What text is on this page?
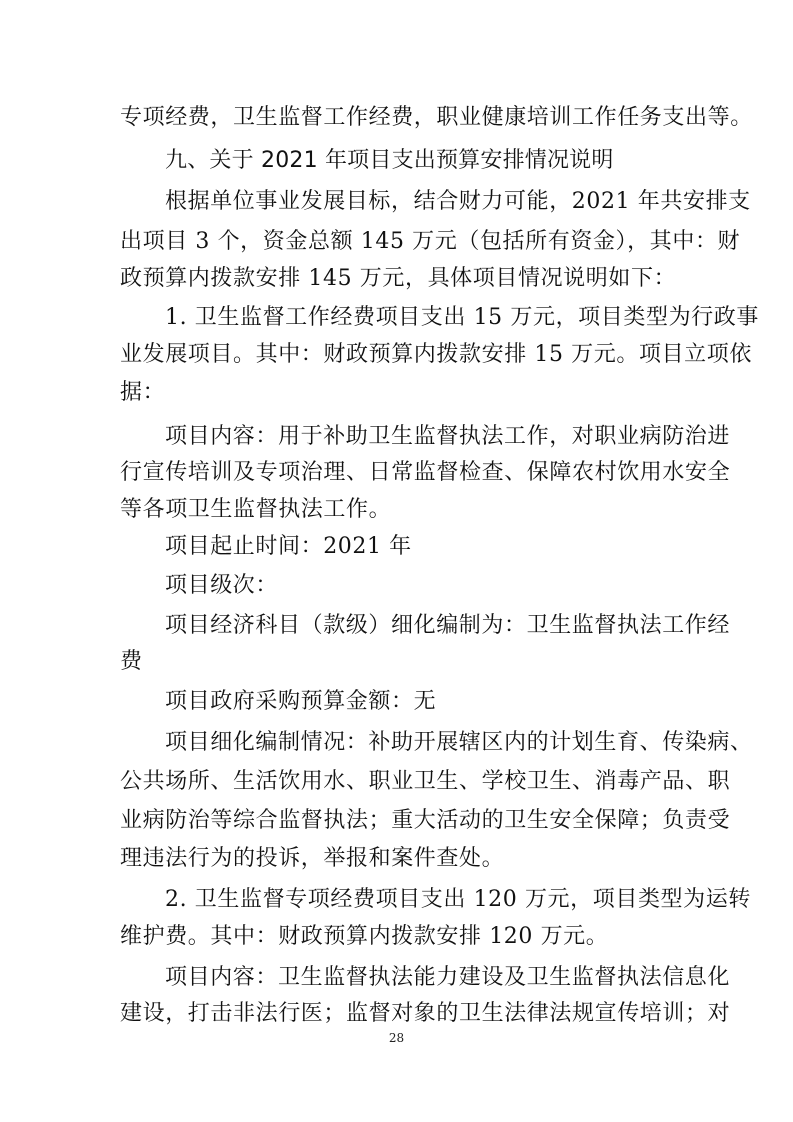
专项经费，卫生监督工作经费，职业健康培训工作任务支出等。
九、关于 2021 年项目支出预算安排情况说明
根据单位事业发展目标，结合财力可能，2021 年共安排支
出项目 3 个，资金总额 145 万元（包括所有资金），其中：财
政预算内拨款安排 145 万元，具体项目情况说明如下：
1. 卫生监督工作经费项目支出 15 万元，项目类型为行政事
业发展项目。其中：财政预算内拨款安排 15 万元。项目立项依
据：
项目内容：用于补助卫生监督执法工作，对职业病防治进
行宣传培训及专项治理、日常监督检查、保障农村饮用水安全
等各项卫生监督执法工作。
项目起止时间：2021 年
项目级次：
项目经济科目（款级）细化编制为：卫生监督执法工作经
费
项目政府采购预算金额：无
项目细化编制情况：补助开展辖区内的计划生育、传染病、
公共场所、生活饮用水、职业卫生、学校卫生、消毒产品、职
业病防治等综合监督执法；重大活动的卫生安全保障；负责受
理违法行为的投诉，举报和案件查处。
2. 卫生监督专项经费项目支出 120 万元，项目类型为运转
维护费。其中：财政预算内拨款安排 120 万元。
项目内容：卫生监督执法能力建设及卫生监督执法信息化
建设，打击非法行医；监督对象的卫生法律法规宣传培训；对
28
